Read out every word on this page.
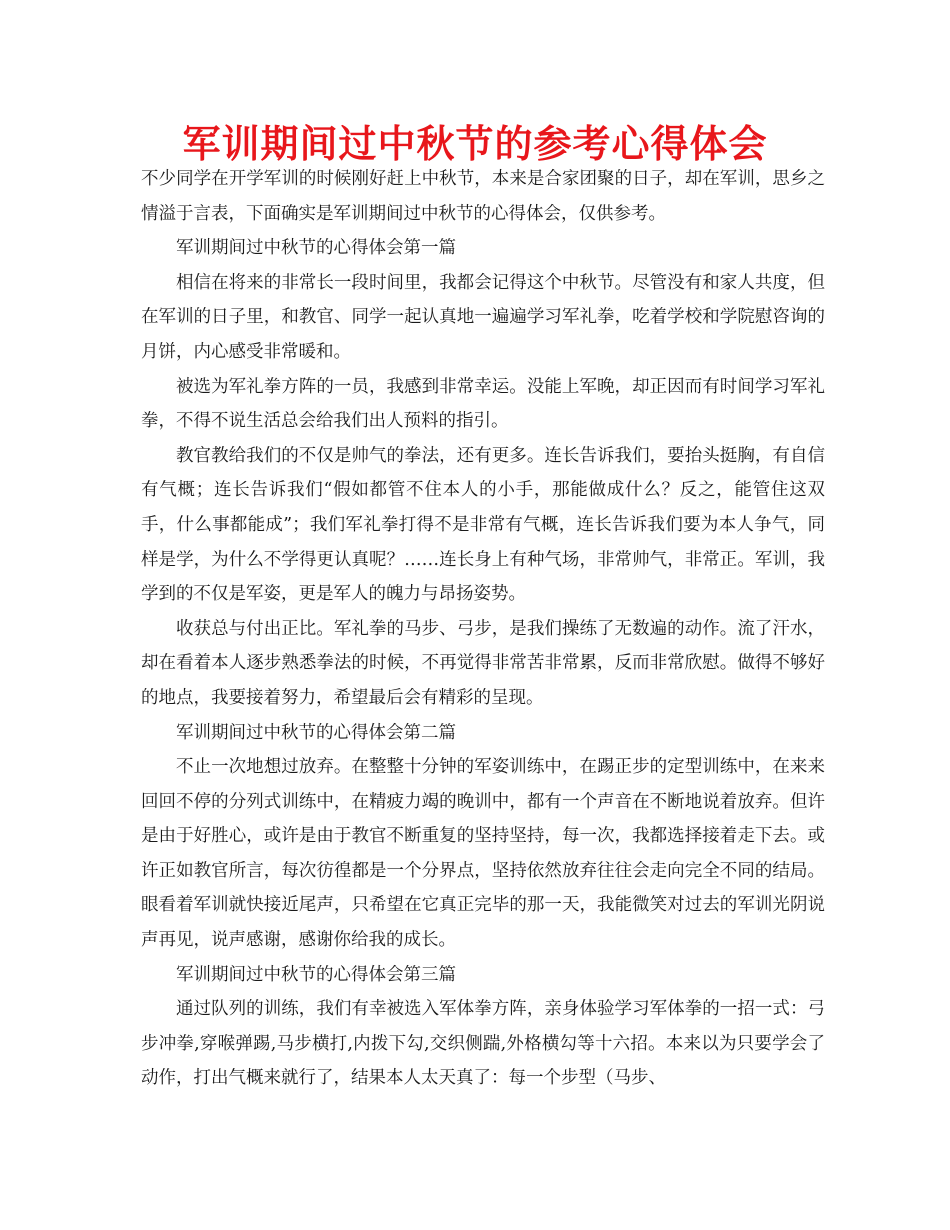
军训期间过中秋节的参考心得体会

不少同学在开学军训的时候刚好赶上中秋节，本来是合家团聚的日子，却在军训，思乡之情溢于言表，下面确实是军训期间过中秋节的心得体会，仅供参考。

军训期间过中秋节的心得体会第一篇

相信在将来的非常长一段时间里，我都会记得这个中秋节。尽管没有和家人共度，但在军训的日子里，和教官、同学一起认真地一遍遍学习军礼拳，吃着学校和学院慰咨询的月饼，内心感受非常暖和。

被选为军礼拳方阵的一员，我感到非常幸运。没能上军晚，却正因而有时间学习军礼拳，不得不说生活总会给我们出人预料的指引。

教官教给我们的不仅是帅气的拳法，还有更多。连长告诉我们，要抬头挺胸，有自信有气概；连长告诉我们“假如都管不住本人的小手，那能做成什么？反之，能管住这双手，什么事都能成”；我们军礼拳打得不是非常有气概，连长告诉我们要为本人争气，同样是学，为什么不学得更认真呢？……连长身上有种气场，非常帅气，非常正。军训，我学到的不仅是军姿，更是军人的魄力与昂扬姿势。

收获总与付出正比。军礼拳的马步、弓步，是我们操练了无数遍的动作。流了汗水，却在看着本人逐步熟悉拳法的时候，不再觉得非常苦非常累，反而非常欣慰。做得不够好的地点，我要接着努力，希望最后会有精彩的呈现。

军训期间过中秋节的心得体会第二篇

不止一次地想过放弃。在整整十分钟的军姿训练中，在踢正步的定型训练中，在来来回回不停的分列式训练中，在精疲力竭的晚训中，都有一个声音在不断地说着放弃。但许是由于好胜心，或许是由于教官不断重复的坚持坚持，每一次，我都选择接着走下去。或许正如教官所言，每次彷徨都是一个分界点，坚持依然放弃往往会走向完全不同的结局。眼看着军训就快接近尾声，只希望在它真正完毕的那一天，我能微笑对过去的军训光阴说声再见，说声感谢，感谢你给我的成长。

军训期间过中秋节的心得体会第三篇

通过队列的训练，我们有幸被选入军体拳方阵，亲身体验学习军体拳的一招一式：弓步冲拳,穿喉弹踢,马步横打,内拨下勾,交织侧踹,外格横勾等十六招。本来以为只要学会了动作，打出气概来就行了，结果本人太天真了：每一个步型（马步、
